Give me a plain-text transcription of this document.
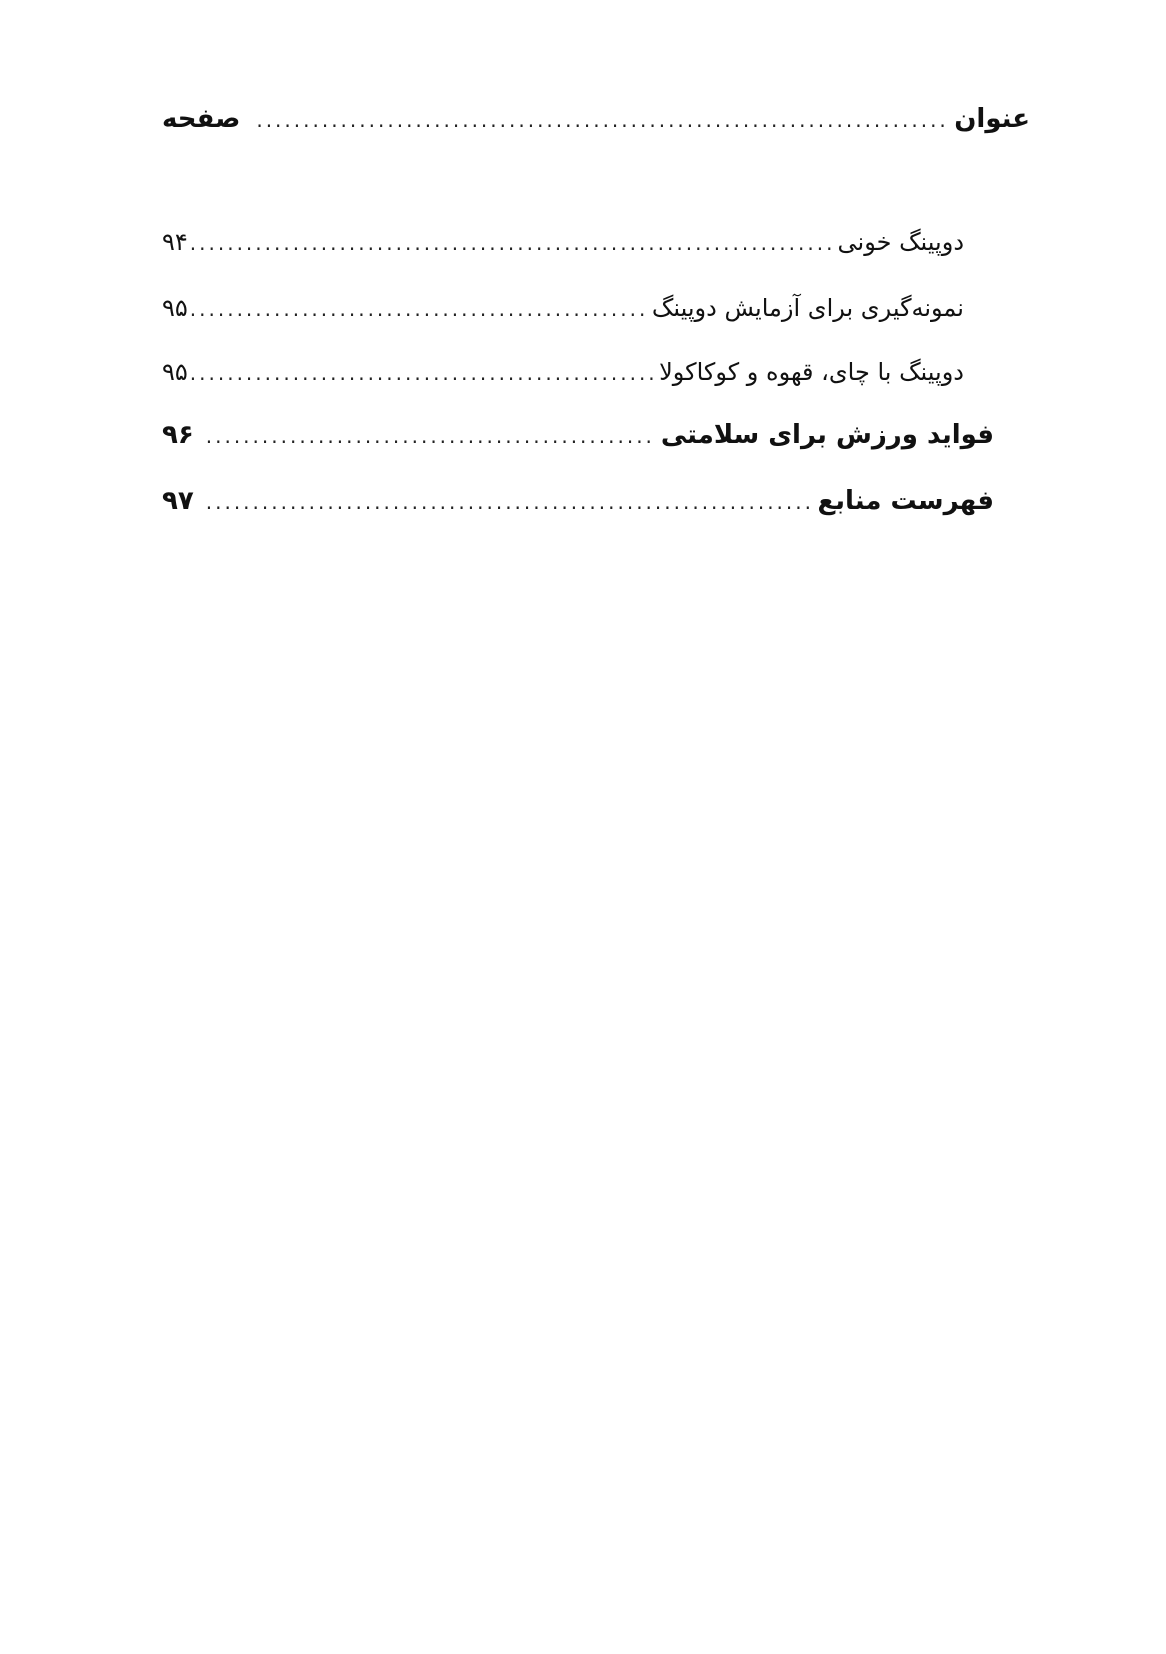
عنوان
.....
صفحه
دوپینگ خونی
.....
۹۴
نمونه‌گیری برای آزمایش دوپینگ
.....
۹۵
دوپینگ با چای، قهوه و کوکاکولا
.....
۹۵
فواید ورزش برای سلامتی
.....
۹۶
فهرست منابع
.....
۹۷
